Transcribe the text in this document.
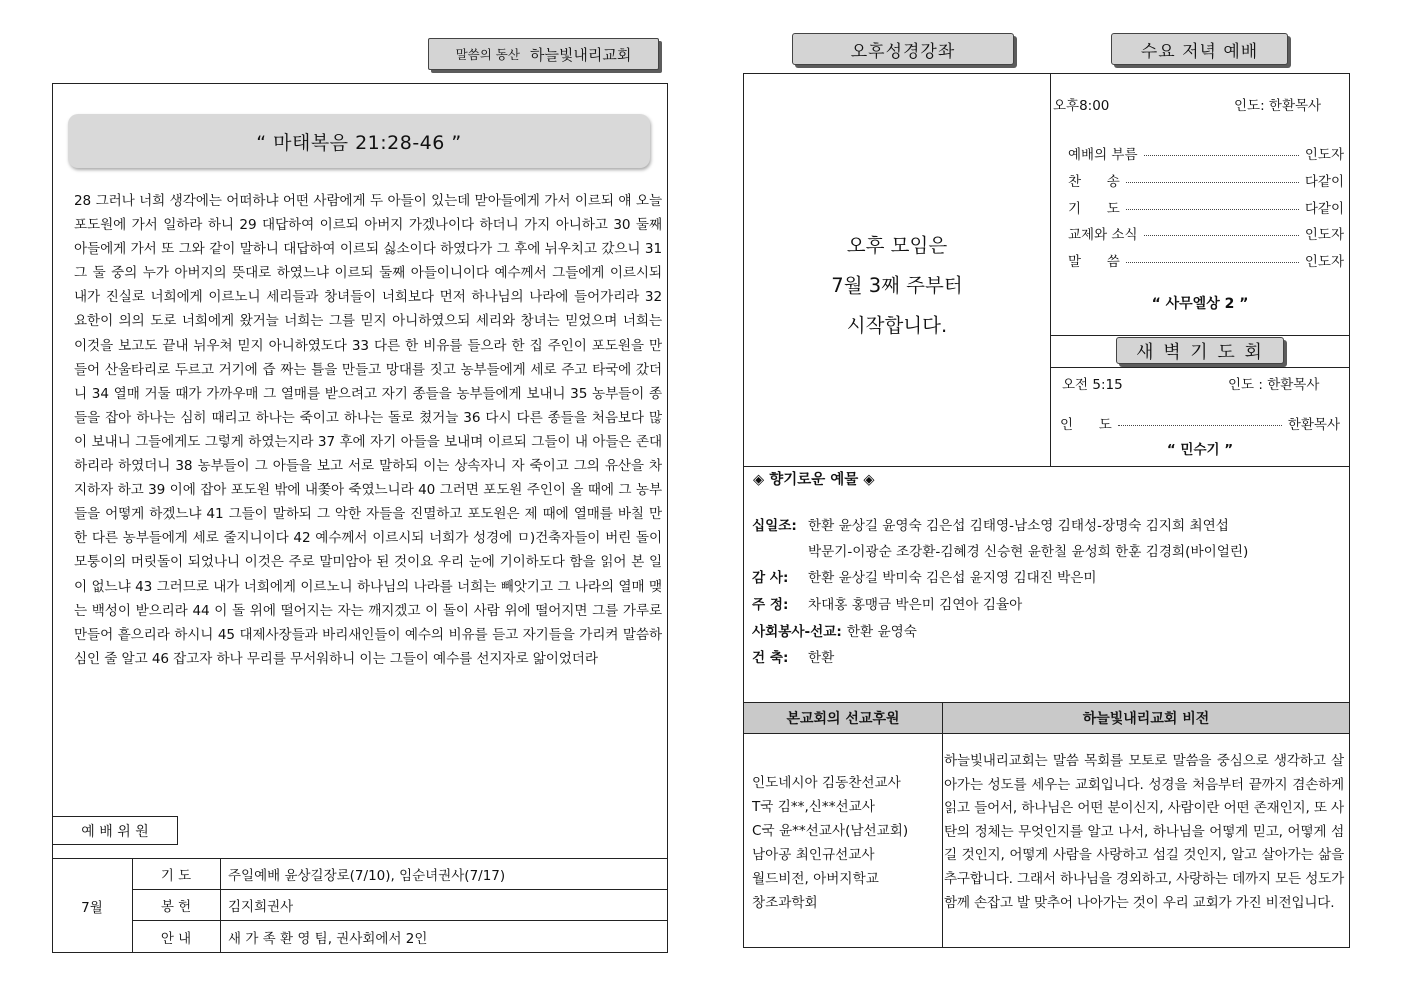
말씀의 동산 하늘빛내리교회
“ 마태복음 21:28-46 ”
28 그러나 너희 생각에는 어떠하냐 어떤 사람에게 두 아들이 있는데 맏아들에게 가서 이르되 얘 오늘 포도원에 가서 일하라 하니 29 대답하여 이르되 아버지 가겠나이다 하더니 가지 아니하고 30 둘째 아들에게 가서 또 그와 같이 말하니 대답하여 이르되 싫소이다 하였다가 그 후에 뉘우치고 갔으니 31 그 둘 중의 누가 아버지의 뜻대로 하였느냐 이르되 둘째 아들이니이다 예수께서 그들에게 이르시되 내가 진실로 너희에게 이르노니 세리들과 창녀들이 너희보다 먼저 하나님의 나라에 들어가리라 32 요한이 의의 도로 너희에게 왔거늘 너희는 그를 믿지 아니하였으되 세리와 창녀는 믿었으며 너희는 이것을 보고도 끝내 뉘우쳐 믿지 아니하였도다 33 다른 한 비유를 들으라 한 집 주인이 포도원을 만들어 산울타리로 두르고 거기에 즙 짜는 틀을 만들고 망대를 짓고 농부들에게 세로 주고 타국에 갔더니 34 열매 거둘 때가 가까우매 그 열매를 받으려고 자기 종들을 농부들에게 보내니 35 농부들이 종들을 잡아 하나는 심히 때리고 하나는 죽이고 하나는 돌로 쳤거늘 36 다시 다른 종들을 처음보다 많이 보내니 그들에게도 그렇게 하였는지라 37 후에 자기 아들을 보내며 이르되 그들이 내 아들은 존대하리라 하였더니 38 농부들이 그 아들을 보고 서로 말하되 이는 상속자니 자 죽이고 그의 유산을 차지하자 하고 39 이에 잡아 포도원 밖에 내쫓아 죽였느니라 40 그러면 포도원 주인이 올 때에 그 농부들을 어떻게 하겠느냐 41 그들이 말하되 그 악한 자들을 진멸하고 포도원은 제 때에 열매를 바칠 만한 다른 농부들에게 세로 줄지니이다 42 예수께서 이르시되 너희가 성경에 ㅁ)건축자들이 버린 돌이 모퉁이의 머릿돌이 되었나니 이것은 주로 말미암아 된 것이요 우리 눈에 기이하도다 함을 읽어 본 일이 없느냐 43 그러므로 내가 너희에게 이르노니 하나님의 나라를 너희는 빼앗기고 그 나라의 열매 맺는 백성이 받으리라 44 이 돌 위에 떨어지는 자는 깨지겠고 이 돌이 사람 위에 떨어지면 그를 가루로 만들어 흩으리라 하시니 45 대제사장들과 바리새인들이 예수의 비유를 듣고 자기들을 가리켜 말씀하심인 줄 알고 46 잡고자 하나 무리를 무서워하니 이는 그들이 예수를 선지자로 앎이었더라
예 배 위 원
7월
기 도	주일예배 윤상길장로(7/10), 임순녀권사(7/17)
봉 헌	김지희권사
안 내	새 가 족 환 영 팀, 권사회에서 2인
오후성경강좌	수요 저녁 예배
오후 모임은
7월 3째 주부터
시작합니다.
오후8:00	인도: 한환목사
예배의 부름	인도자
찬      송	다같이
기      도	다같이
교제와 소식	인도자
말      씀	인도자
“ 사무엘상 2 ”
새 벽 기 도 회
오전 5:15	인도 : 한환목사
인      도	한환목사
“ 민수기 ”
◈ 향기로운 예물 ◈
십일조: 한환 윤상길 윤영숙 김은섭 김태영-남소영 김태성-장명숙 김지희 최연섭
박문기-이광순 조강환-김혜경 신승현 윤한칠 윤성희 한훈 김경희(바이얼린)
감 사:	한환 윤상길 박미숙 김은섭 윤지영 김대진 박은미
주 정:	차대홍 홍맹금 박은미 김연아 김율아
사회봉사-선교: 한환 윤영숙
건 축:	한환
본교회의 선교후원	하늘빛내리교회 비전
인도네시아 김동찬선교사
T국 김**,신**선교사
C국 윤**선교사(남선교회)
남아공 최인규선교사
월드비전, 아버지학교
창조과학회
하늘빛내리교회는 말씀 목회를 모토로 말씀을 중심으로 생각하고 살아가는 성도를 세우는 교회입니다. 성경을 처음부터 끝까지 겸손하게 읽고 들어서, 하나님은 어떤 분이신지, 사람이란 어떤 존재인지, 또 사탄의 정체는 무엇인지를 알고 나서, 하나님을 어떻게 믿고, 어떻게 섬길 것인지, 어떻게 사람을 사랑하고 섬길 것인지, 알고 살아가는 삶을 추구합니다. 그래서 하나님을 경외하고, 사랑하는 데까지 모든 성도가 함께 손잡고 발 맞추어 나아가는 것이 우리 교회가 가진 비전입니다.
